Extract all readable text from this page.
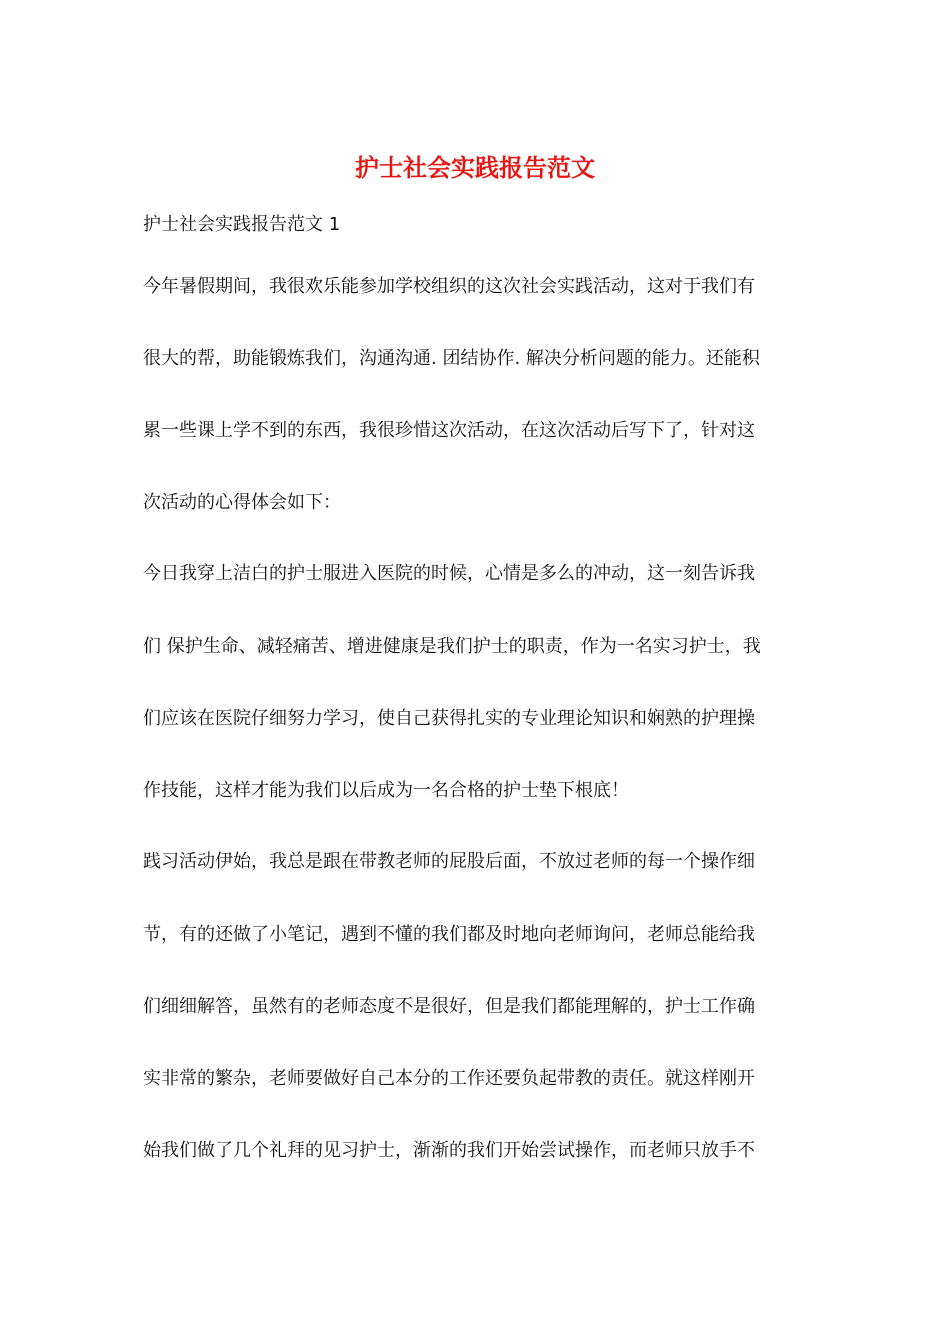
护士社会实践报告范文

护士社会实践报告范文 1

今年暑假期间，我很欢乐能参加学校组织的这次社会实践活动，这对于我们有

很大的帮，助能锻炼我们，沟通沟通. 团结协作. 解决分析问题的能力。还能积

累一些课上学不到的东西，我很珍惜这次活动，在这次活动后写下了，针对这

次活动的心得体会如下：

今日我穿上洁白的护士服进入医院的时候，心情是多么的冲动，这一刻告诉我

们 保护生命、减轻痛苦、增进健康是我们护士的职责，作为一名实习护士，我

们应该在医院仔细努力学习，使自己获得扎实的专业理论知识和娴熟的护理操

作技能，这样才能为我们以后成为一名合格的护士垫下根底！

践习活动伊始，我总是跟在带教老师的屁股后面，不放过老师的每一个操作细

节，有的还做了小笔记，遇到不懂的我们都及时地向老师询问，老师总能给我

们细细解答，虽然有的老师态度不是很好，但是我们都能理解的，护士工作确

实非常的繁杂，老师要做好自己本分的工作还要负起带教的责任。就这样刚开

始我们做了几个礼拜的见习护士，渐渐的我们开始尝试操作，而老师只放手不
